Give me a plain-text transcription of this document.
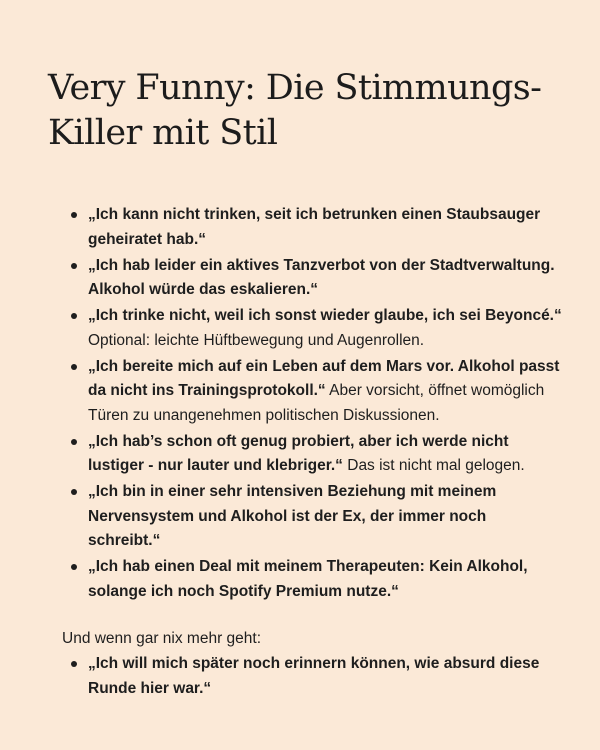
Very Funny: Die Stimmungs-Killer mit Stil
„Ich kann nicht trinken, seit ich betrunken einen Staubsauger geheiratet hab.“
„Ich hab leider ein aktives Tanzverbot von der Stadtverwaltung. Alkohol würde das eskalieren.“
„Ich trinke nicht, weil ich sonst wieder glaube, ich sei Beyoncé.“ Optional: leichte Hüftbewegung und Augenrollen.
„Ich bereite mich auf ein Leben auf dem Mars vor. Alkohol passt da nicht ins Trainingsprotokoll.“ Aber vorsicht, öffnet womöglich Türen zu unangenehmen politischen Diskussionen.
„Ich hab’s schon oft genug probiert, aber ich werde nicht lustiger - nur lauter und klebriger.“ Das ist nicht mal gelogen.
„Ich bin in einer sehr intensiven Beziehung mit meinem Nervensystem und Alkohol ist der Ex, der immer noch schreibt.“
„Ich hab einen Deal mit meinem Therapeuten: Kein Alkohol, solange ich noch Spotify Premium nutze.“

Und wenn gar nix mehr geht:

„Ich will mich später noch erinnern können, wie absurd diese Runde hier war.“
